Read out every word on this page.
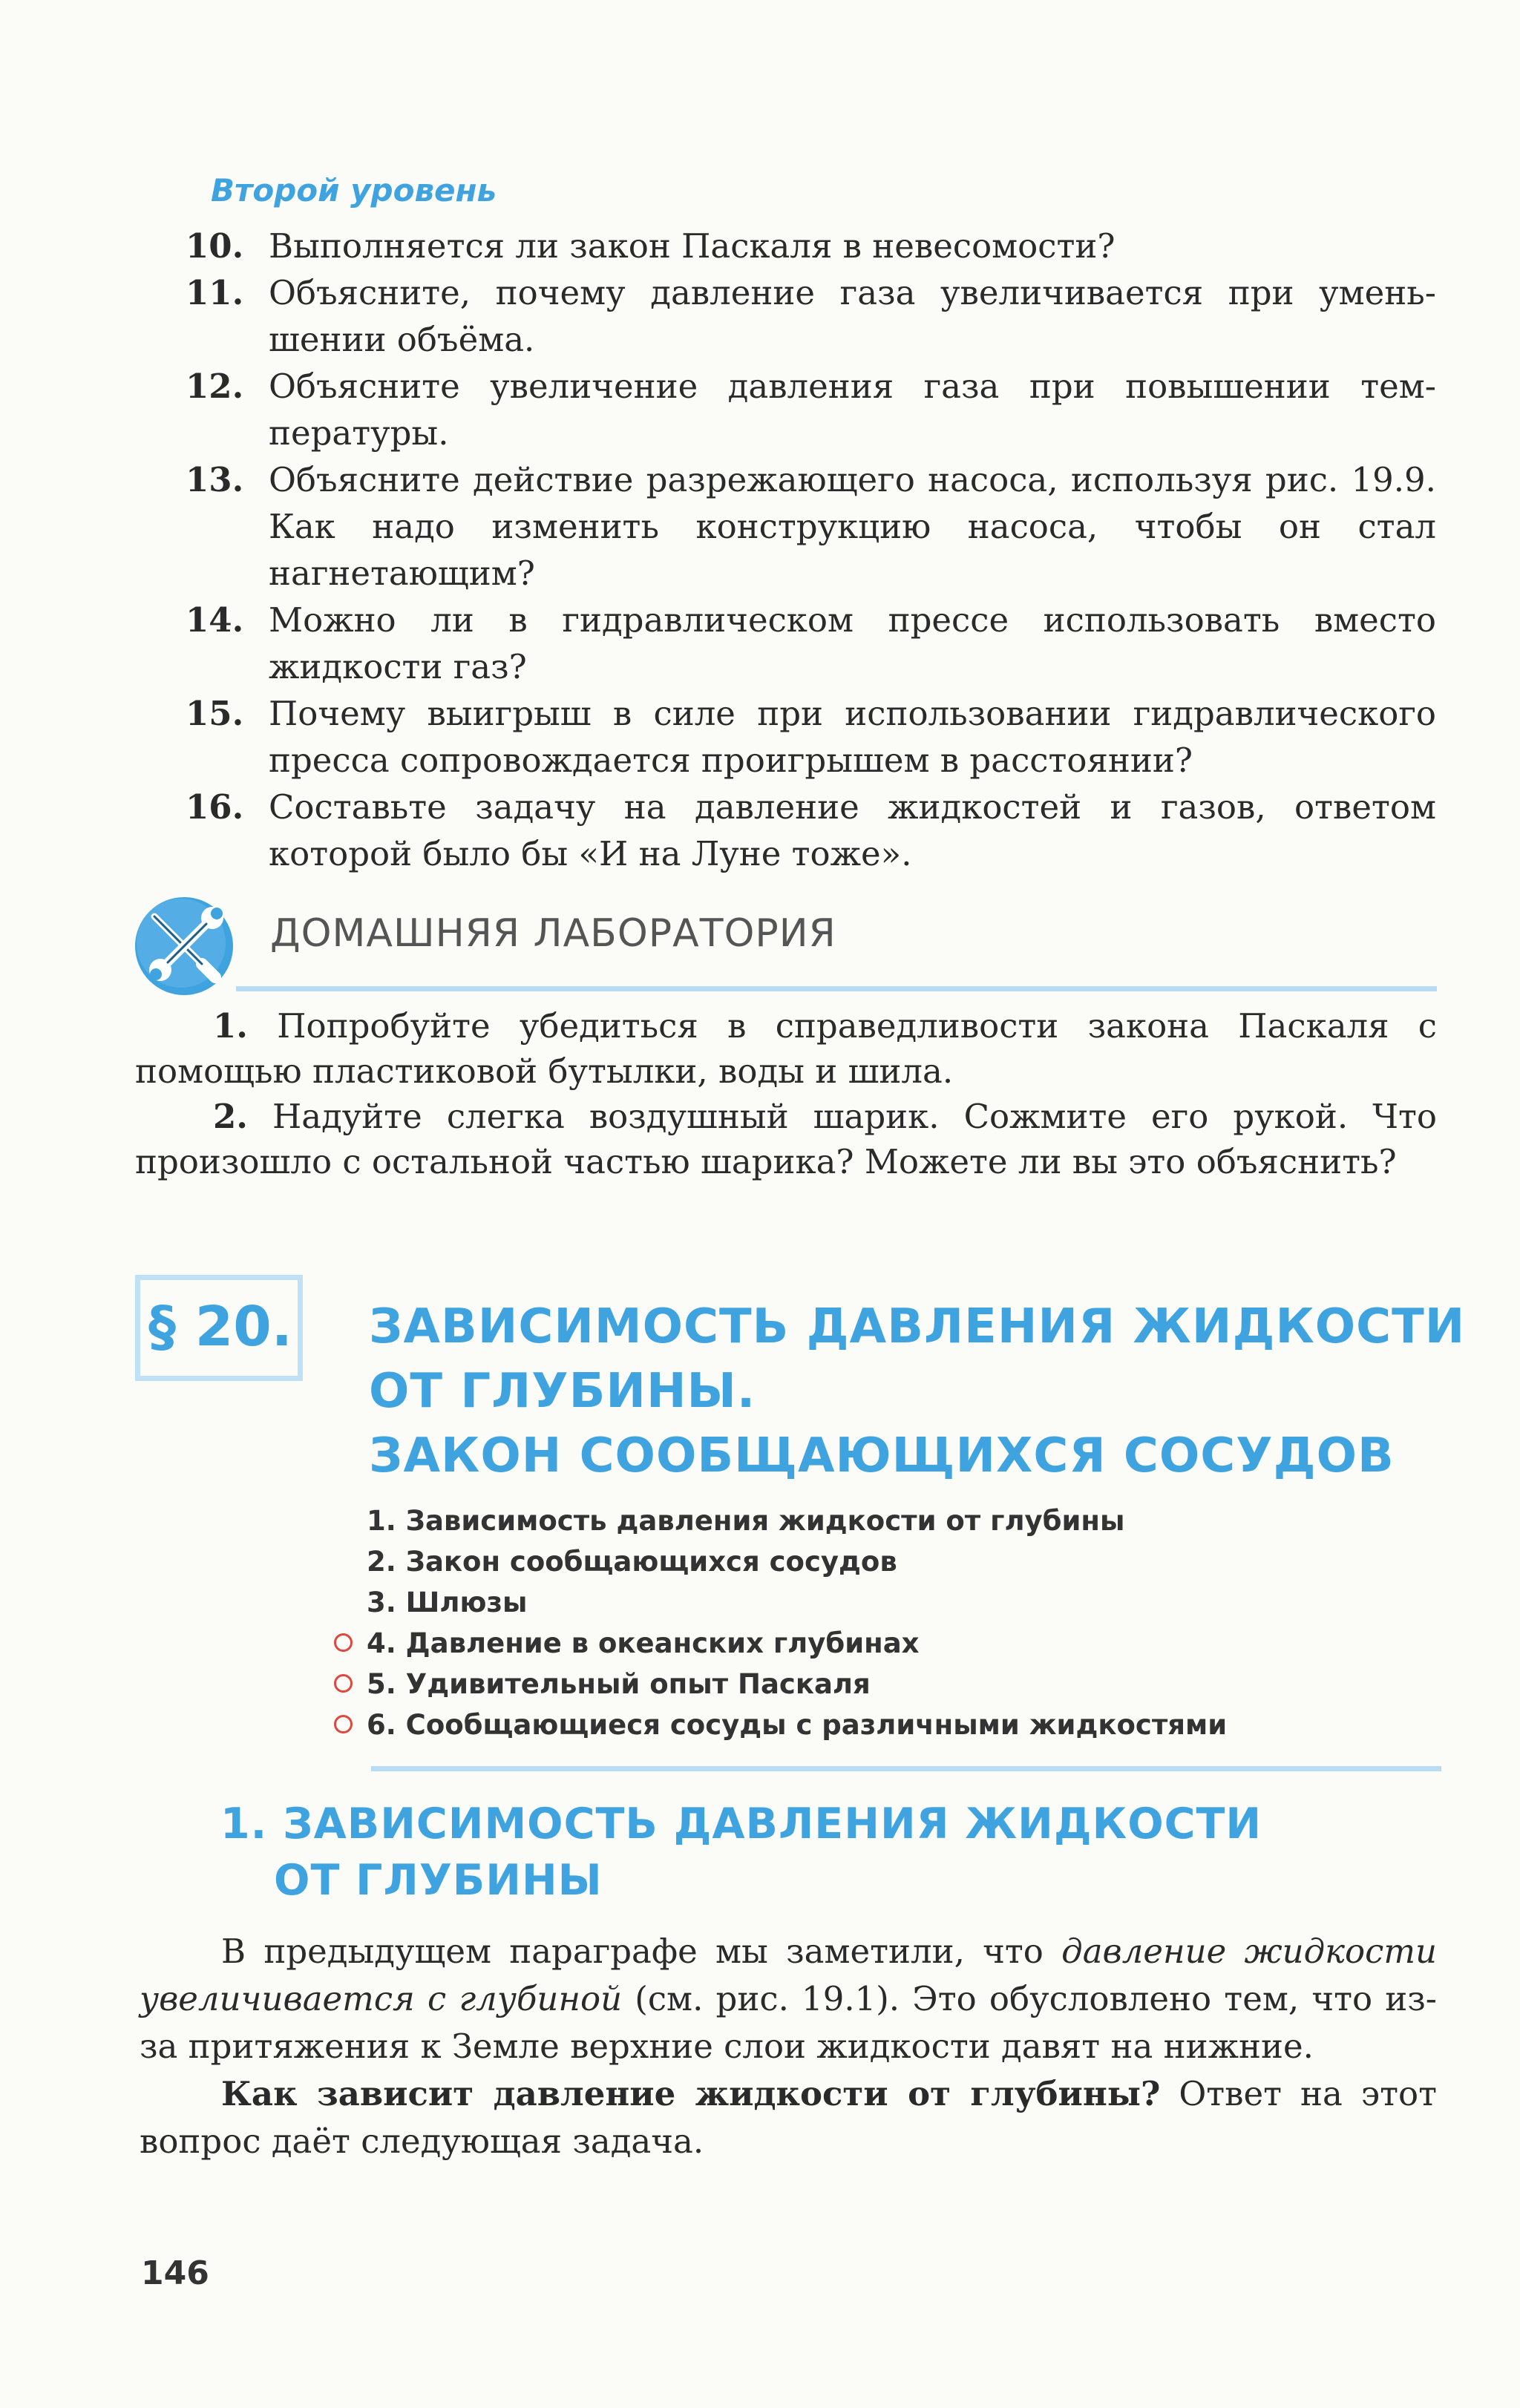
Второй уровень
10. Выполняется ли закон Паскаля в невесомости?
11. Объясните, почему давление газа увеличивается при уменьшении объёма.
12. Объясните увеличение давления газа при повышении температуры.
13. Объясните действие разрежающего насоса, используя рис. 19.9. Как надо изменить конструкцию насоса, чтобы он стал нагнетающим?
14. Можно ли в гидравлическом прессе использовать вместо жидкости газ?
15. Почему выигрыш в силе при использовании гидравлического пресса сопровождается проигрышем в расстоянии?
16. Составьте задачу на давление жидкостей и газов, ответом которой было бы «И на Луне тоже».
ДОМАШНЯЯ ЛАБОРАТОРИЯ

1. Попробуйте убедиться в справедливости закона Паскаля с помощью пластиковой бутылки, воды и шила.

2. Надуйте слегка воздушный шарик. Сожмите его рукой. Что произошло с остальной частью шарика? Можете ли вы это объяснить?

§ 20. ЗАВИСИМОСТЬ ДАВЛЕНИЯ ЖИДКОСТИ
ОТ ГЛУБИНЫ.
ЗАКОН СООБЩАЮЩИХСЯ СОСУДОВ
1. Зависимость давления жидкости от глубины
2. Закон сообщающихся сосудов
3. Шлюзы
4. Давление в океанских глубинах
5. Удивительный опыт Паскаля
6. Сообщающиеся сосуды с различными жидкостями
1. ЗАВИСИМОСТЬ ДАВЛЕНИЯ ЖИДКОСТИ
ОТ ГЛУБИНЫ

В предыдущем параграфе мы заметили, что давление жидкости увеличивается с глубиной (см. рис. 19.1). Это обусловлено тем, что из-за притяжения к Земле верхние слои жидкости давят на нижние.

Как зависит давление жидкости от глубины? Ответ на этот вопрос даёт следующая задача.

146
